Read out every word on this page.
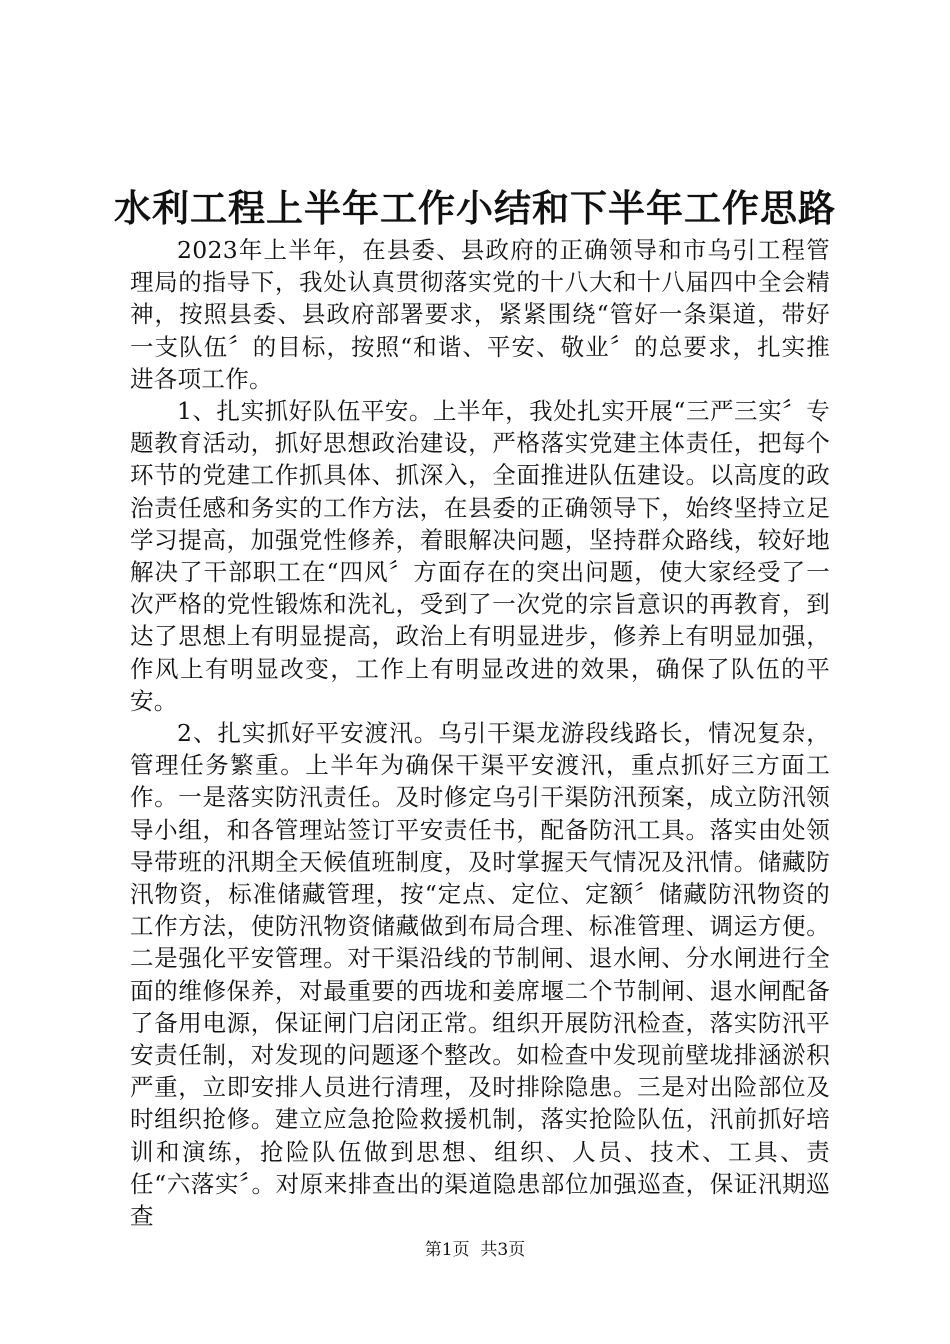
水利工程上半年工作小结和下半年工作思路

2023年上半年，在县委、县政府的正确领导和市乌引工程管理局的指导下，我处认真贯彻落实党的十八大和十八届四中全会精神，按照县委、县政府部署要求，紧紧围绕“管好一条渠道，带好一支队伍〞的目标，按照“和谐、平安、敬业〞的总要求，扎实推进各项工作。

1、扎实抓好队伍平安。上半年，我处扎实开展“三严三实〞专题教育活动，抓好思想政治建设，严格落实党建主体责任，把每个环节的党建工作抓具体、抓深入，全面推进队伍建设。以高度的政治责任感和务实的工作方法，在县委的正确领导下，始终坚持立足学习提高，加强党性修养，着眼解决问题，坚持群众路线，较好地解决了干部职工在“四风〞方面存在的突出问题，使大家经受了一次严格的党性锻炼和洗礼，受到了一次党的宗旨意识的再教育，到达了思想上有明显提高，政治上有明显进步，修养上有明显加强，作风上有明显改变，工作上有明显改进的效果，确保了队伍的平安。

2、扎实抓好平安渡汛。乌引干渠龙游段线路长，情况复杂，管理任务繁重。上半年为确保干渠平安渡汛，重点抓好三方面工作。一是落实防汛责任。及时修定乌引干渠防汛预案，成立防汛领导小组，和各管理站签订平安责任书，配备防汛工具。落实由处领导带班的汛期全天候值班制度，及时掌握天气情况及汛情。储藏防汛物资，标准储藏管理，按“定点、定位、定额〞储藏防汛物资的工作方法，使防汛物资储藏做到布局合理、标准管理、调运方便。二是强化平安管理。对干渠沿线的节制闸、退水闸、分水闸进行全面的维修保养，对最重要的西垅和姜席堰二个节制闸、退水闸配备了备用电源，保证闸门启闭正常。组织开展防汛检查，落实防汛平安责任制，对发现的问题逐个整改。如检查中发现前壁垅排涵淤积严重，立即安排人员进行清理，及时排除隐患。三是对出险部位及时组织抢修。建立应急抢险救援机制，落实抢险队伍，汛前抓好培训和演练，抢险队伍做到思想、组织、人员、技术、工具、责任“六落实〞。对原来排查出的渠道隐患部位加强巡查，保证汛期巡查

第1页 共3页
